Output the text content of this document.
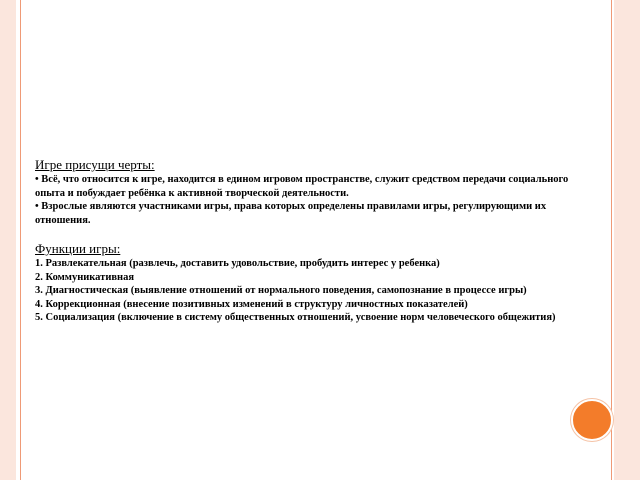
Игре присущи черты:

• Всё, что относится к игре, находится в едином игровом пространстве, служит средством передачи социального опыта и побуждает ребёнка к активной творческой деятельности.

• Взрослые являются участниками игры, права которых определены правилами игры, регулирующими их отношения.

Функции игры:

1. Развлекательная (развлечь, доставить удовольствие, пробудить интерес у ребенка)

2. Коммуникативная

3. Диагностическая (выявление отношений от нормального поведения, самопознание в процессе игры)

4. Коррекционная (внесение позитивных изменений в структуру личностных показателей)

5. Социализация (включение в систему общественных отношений, усвоение норм человеческого общежития)
